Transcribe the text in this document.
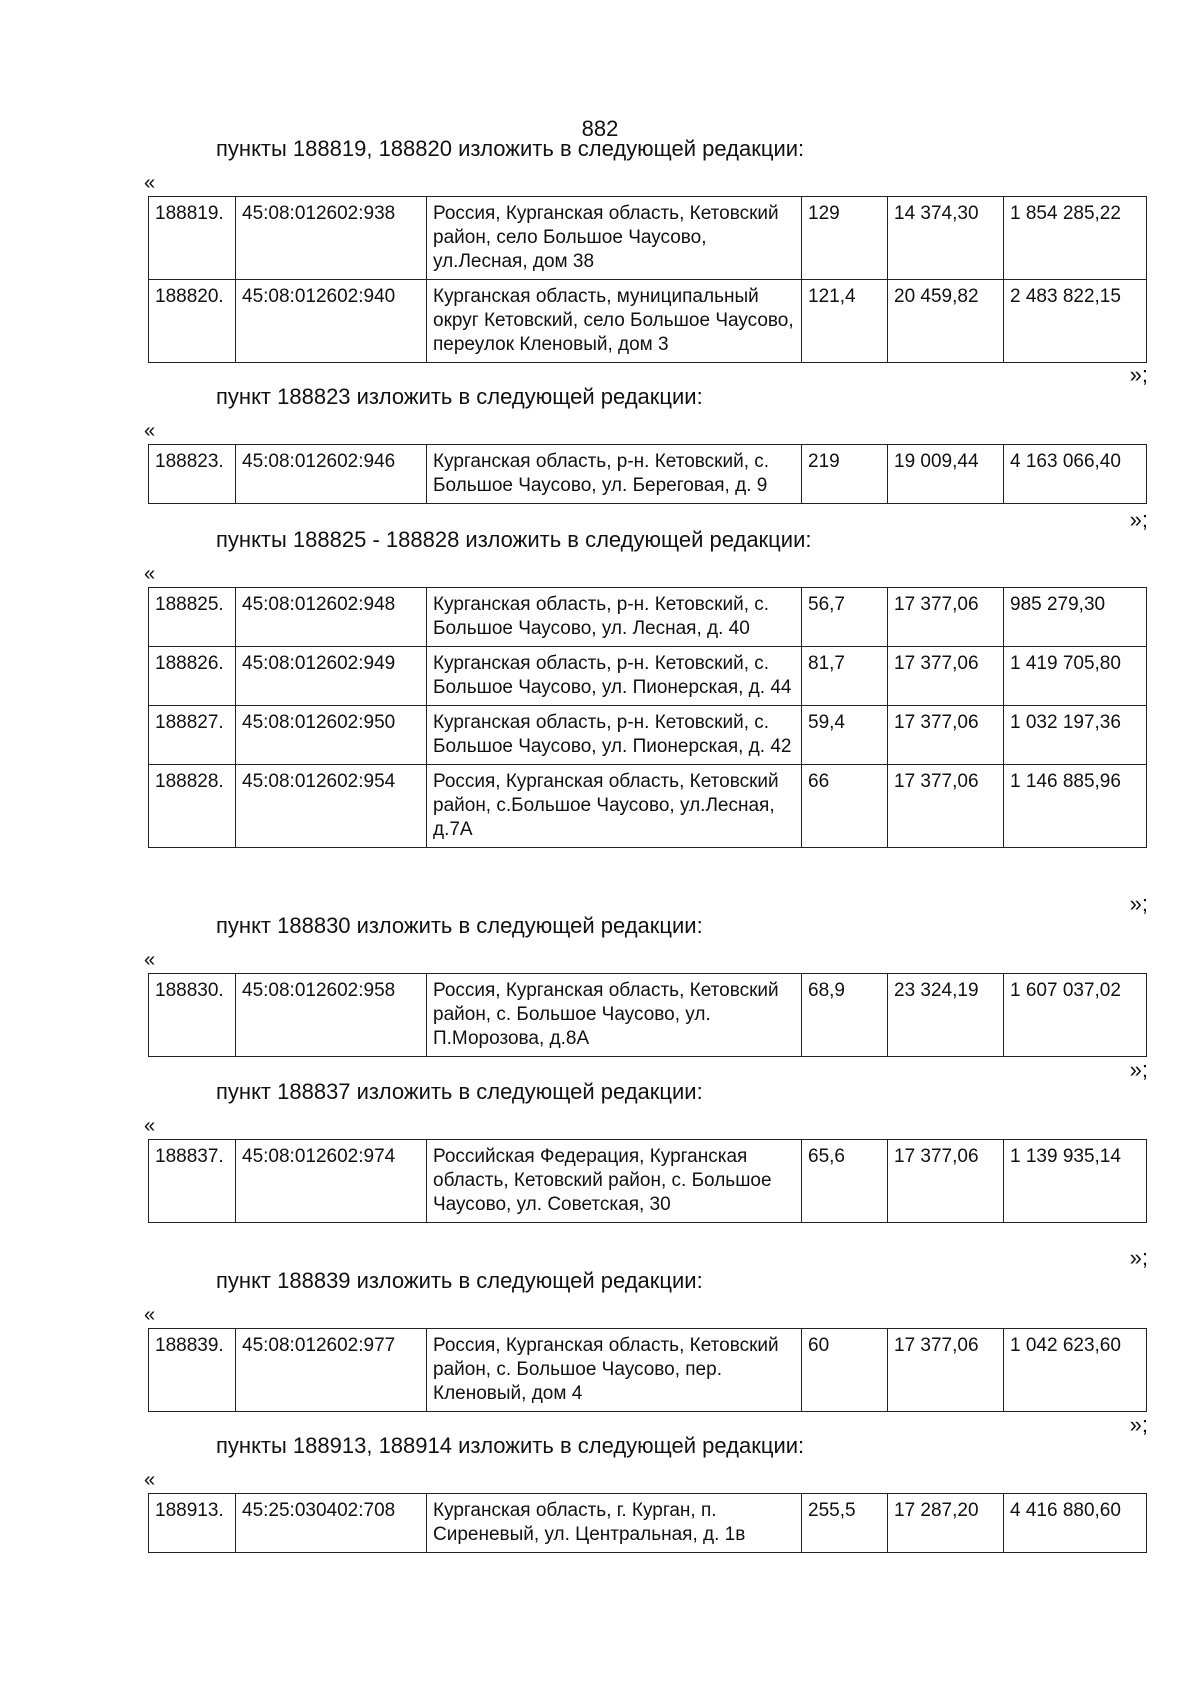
882
пункты 188819, 188820 изложить в следующей редакции:
«
188819.	45:08:012602:938	Россия, Курганская область, Кетовский район, село Большое Чаусово, ул.Лесная, дом 38	129	14 374,30	1 854 285,22
188820.	45:08:012602:940	Курганская область, муниципальный округ Кетовский, село Большое Чаусово, переулок Кленовый, дом 3	121,4	20 459,82	2 483 822,15
»;
пункт 188823 изложить в следующей редакции:
«
188823.	45:08:012602:946	Курганская область, р-н. Кетовский, с. Большое Чаусово, ул. Береговая, д. 9	219	19 009,44	4 163 066,40
»;
пункты 188825 - 188828 изложить в следующей редакции:
«
188825.	45:08:012602:948	Курганская область, р-н. Кетовский, с. Большое Чаусово, ул. Лесная, д. 40	56,7	17 377,06	985 279,30
188826.	45:08:012602:949	Курганская область, р-н. Кетовский, с. Большое Чаусово, ул. Пионерская, д. 44	81,7	17 377,06	1 419 705,80
188827.	45:08:012602:950	Курганская область, р-н. Кетовский, с. Большое Чаусово, ул. Пионерская, д. 42	59,4	17 377,06	1 032 197,36
188828.	45:08:012602:954	Россия, Курганская область, Кетовский район, с.Большое Чаусово, ул.Лесная, д.7А	66	17 377,06	1 146 885,96
»;
пункт 188830 изложить в следующей редакции:
«
188830.	45:08:012602:958	Россия, Курганская область, Кетовский район, с. Большое Чаусово, ул. П.Морозова, д.8А	68,9	23 324,19	1 607 037,02
»;
пункт 188837 изложить в следующей редакции:
«
188837.	45:08:012602:974	Российская Федерация, Курганская область, Кетовский район, с. Большое Чаусово, ул. Советская, 30	65,6	17 377,06	1 139 935,14
»;
пункт 188839 изложить в следующей редакции:
«
188839.	45:08:012602:977	Россия, Курганская область, Кетовский район, с. Большое Чаусово, пер. Кленовый, дом 4	60	17 377,06	1 042 623,60
»;
пункты 188913, 188914 изложить в следующей редакции:
«
188913.	45:25:030402:708	Курганская область, г. Курган, п. Сиреневый, ул. Центральная, д. 1в	255,5	17 287,20	4 416 880,60
